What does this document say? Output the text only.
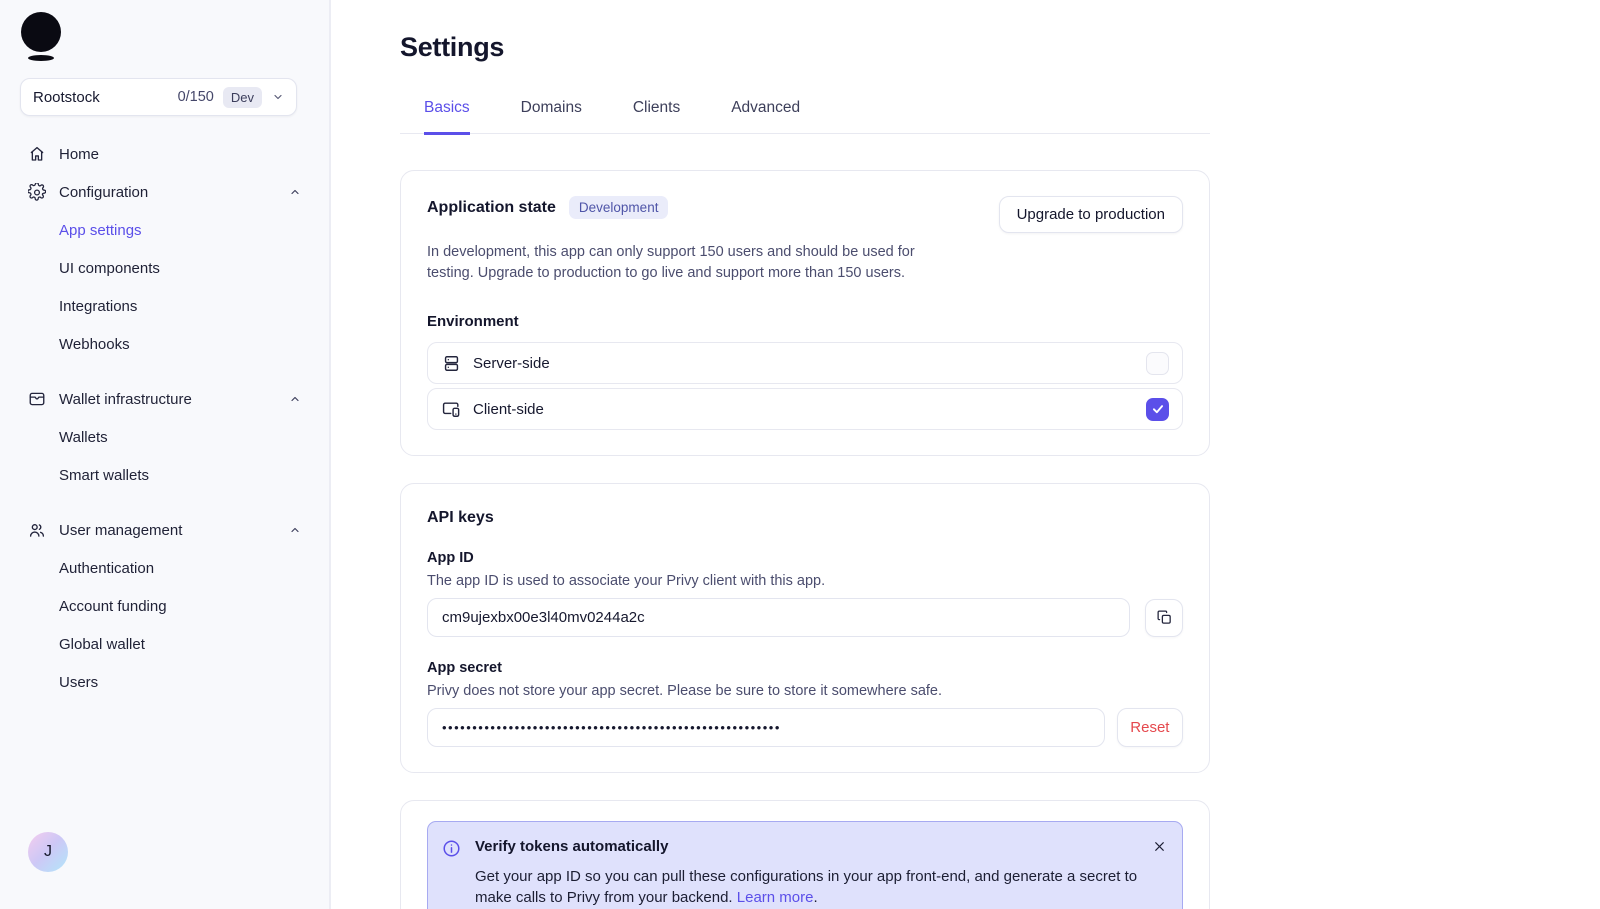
Rootstock	0/150	Dev
Home
Configuration
App settings
UI components
Integrations
Webhooks
Wallet infrastructure
Wallets
Smart wallets
User management
Authentication
Account funding
Global wallet
Users
J
Settings
Basics	Domains	Clients	Advanced
Application state	Development	Upgrade to production

In development, this app can only support 150 users and should be used for testing. Upgrade to production to go live and support more than 150 users.

Environment
Server-side
Client-side
API keys
App ID
The app ID is used to associate your Privy client with this app.
cm9ujexbx00e3l40mv0244a2c
App secret
Privy does not store your app secret. Please be sure to store it somewhere safe.
••••••••••••••••••••••••••••••••••••••••••••••••••••••••
Reset
Verify tokens automatically
Get your app ID so you can pull these configurations in your app front-end, and generate a secret to make calls to Privy from your backend. Learn more.
